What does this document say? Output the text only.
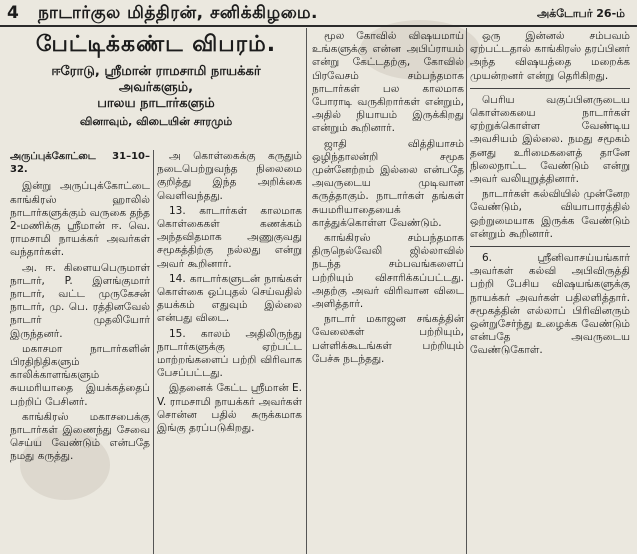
4 நாடார்குல மித்திரன், சனிக்கிழமை.	அக்டோபர் 26-ம்
பேட்டிக்கண்ட விபரம்.
ஈரோடு, ஸ்ரீமான் ராமசாமி நாயக்கர்
அவர்களும்,
பாலய நாடார்களும்
வினாவும், விடையின் சாரமும்

அருப்புக்கோட்டை 31–10–32.

இன்று அருப்புக்கோட்டை காங்கிரஸ் ஹாலில் நாடார்களுக்கும் வருகை தந்த 2-மணிக்கு ஸ்ரீமான் ஈ. வெ. ராமசாமி நாயக்கர் அவர்கள் வந்தார்கள்.

அ. ஈ. கிளையபெருமாள் நாடார், P. இளங்குமார் நாடார், வட்ட முருகேசன் நாடார், மு. பெ. ரத்தினவேல் நாடார் முதலியோர் இருந்தனர்.

மகாசமா நாடார்களின் பிரதிநிதிகளும் காலிக்காளங்களும் சுயமரியாதை இயக்கத்தைப் பற்றிப் பேசினர்.

காங்கிரஸ் மகாசபைக்கு நாடார்கள் இணைந்து சேவை செய்ய வேண்டும் என்பதே நமது கருத்து.

அ கொள்கைக்கு கருதும் நடைபெற்றுவந்த நிலைமை குறித்து இந்த அறிக்கை வெளிவந்தது.

13. காடார்கள் காலமாக கொள்கைகள் கணக்கம் அந்தவிதமாக அணுகுவது சமூகத்திற்கு நல்லது என்று அவர் கூறினார்.

14. காடார்களுடன் நாங்கள் கொள்கை ஒப்புதல் செய்வதில் தயக்கம் எதுவும் இல்லை என்பது விடை.

15. காலம் அதிலிருந்து நாடார்களுக்கு ஏற்பட்ட மாற்றங்களைப் பற்றி விரிவாக பேசப்பட்டது.

இதனைக் கேட்ட ஸ்ரீமான் E. V. ராமசாமி நாயக்கர் அவர்கள் சொன்ன பதில் சுருக்கமாக இங்கு தரப்படுகிறது.

மூல கோவில் விஷயமாய் உங்களுக்கு என்ன அபிப்ராயம் என்று கேட்டதற்கு, கோவில் பிரவேசம் சம்பந்தமாக நாடார்கள் பல காலமாக போராடி வருகிறார்கள் என்றும், அதில் நியாயம் இருக்கிறது என்றும் கூறினார்.

ஜாதி வித்தியாசம் ஒழிந்தாலன்றி சமூக முன்னேற்றம் இல்லை என்பதே அவருடைய முடிவான கருத்தாகும். நாடார்கள் தங்கள் சுயமரியாதையைக் காத்துக்கொள்ள வேண்டும்.

காங்கிரஸ் சம்பந்தமாக திருநெல்வேலி ஜில்லாவில் நடந்த சம்பவங்களைப் பற்றியும் விசாரிக்கப்பட்டது. அதற்கு அவர் விரிவான விடை அளித்தார்.

நாடார் மகாஜன சங்கத்தின் வேலைகள் பற்றியும், பள்ளிக்கூடங்கள் பற்றியும் பேச்சு நடந்தது.

ஒரு இன்னல் சம்பவம் ஏற்பட்டதால் காங்கிரஸ் தரப்பினர் அந்த விஷயத்தை மறைக்க முயன்றனர் என்று தெரிகிறது.

பெரிய வகுப்பினருடைய கொள்கையை நாடார்கள் ஏற்றுக்கொள்ள வேண்டிய அவசியம் இல்லை. நமது சமூகம் தனது உரிமைகளைத் தானே நிலைநாட்ட வேண்டும் என்று அவர் வலியுறுத்தினார்.

நாடார்கள் கல்வியில் முன்னேற வேண்டும், வியாபாரத்தில் ஒற்றுமையாக இருக்க வேண்டும் என்றும் கூறினார்.

6. ஸ்ரீனிவாசய்யங்கார் அவர்கள் கல்வி அபிவிருத்தி பற்றி பேசிய விஷயங்களுக்கு நாயக்கர் அவர்கள் பதிலளித்தார். சமூகத்தின் எல்லாப் பிரிவினரும் ஒன்றுசேர்ந்து உழைக்க வேண்டும் என்பதே அவருடைய வேண்டுகோள்.
